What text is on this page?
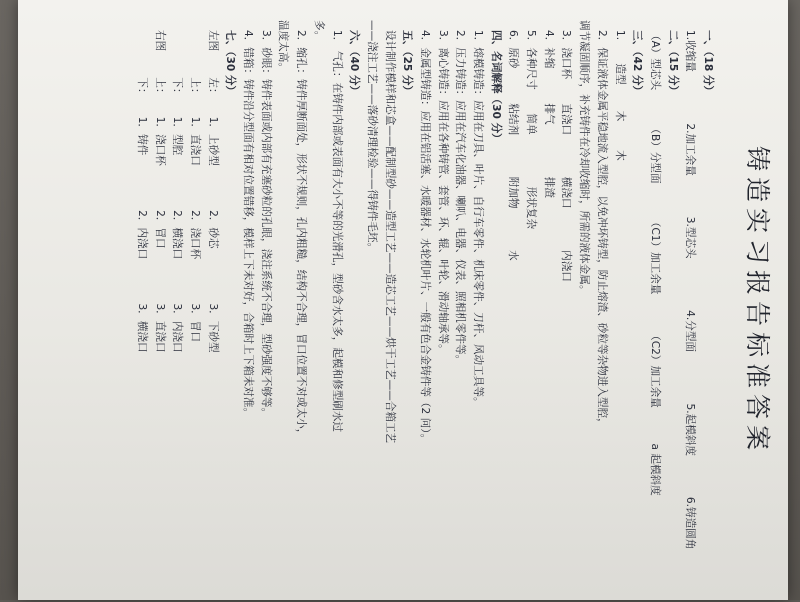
铸造实习报告标准答案
一、（18 分）
1.收缩量 2.加工余量 3.型芯头 4.分型面 5.起模斜度 6.铸造圆角
二、（15 分）
（A）型芯头 （B）分型面 （C1）加工余量 （C2）加工余量 a 起模斜度
三、（42 分）
1. 造型 木 木
2．保证液体金属平稳地流入型腔，以免冲坏铸型，防止熔渣、砂粒等杂物进入型腔，
调节凝固顺序，补充铸件在冷却收缩时，所需的液体金属。
3．浇口杯 直浇口 横浇口 内浇口
4．补缩 排气 排渣
5．各种尺寸 简单 形状复杂
6．原砂 粘结剂 附加物 水
四、名词解释（30 分）
1．熔模铸造：应用在刀具、叶片、自行车零件、机床零件、刀杆、风动工具等。
2．压力铸造：应用在汽车化油器、喇叭、电器、仪表、照相机零件等。
3．离心铸造：应用在各种铸管、套管、环、辊、叶轮、滑动轴承等。
4．金属型铸造：应用在铝活塞、水暖器材、水轮机叶片、一般有色合金铸件等（2 问）。
五、（25 分）
设计制作模样和芯盒——配制型砂——造型工艺——造芯工艺——烘干工艺——合箱工艺
——浇注工艺——落砂清理检验——得铸件毛坯。
六、（40 分）
1． 气孔：在铸件内部或表面有大小不等的光滑孔，型砂含水太多，起模和修型刷水过
多。
2．缩孔：铸件厚断面处，形状不规则，孔内粗糙，结构不合理，冒口位置不对或太小，
温度太高。
3．砂眼：铸件表面或内部有充塞砂粒的孔眼，浇注系统不合理，型砂强度不够等。
4．错箱：铸件沿分型面有相对位置错移，模样上下未对好，合箱时上下箱未对准。
七、（30 分）
左图 左： 1．上砂型 2．砂芯 3．下砂型
上： 1．直浇口 2．浇口杯 3．冒口
下： 1．型腔 2．横浇口 3．内浇口
右图 上： 1．浇口杯 2．冒口 3．直浇口
下： 1．铸件 2．内浇口 3．横浇口
